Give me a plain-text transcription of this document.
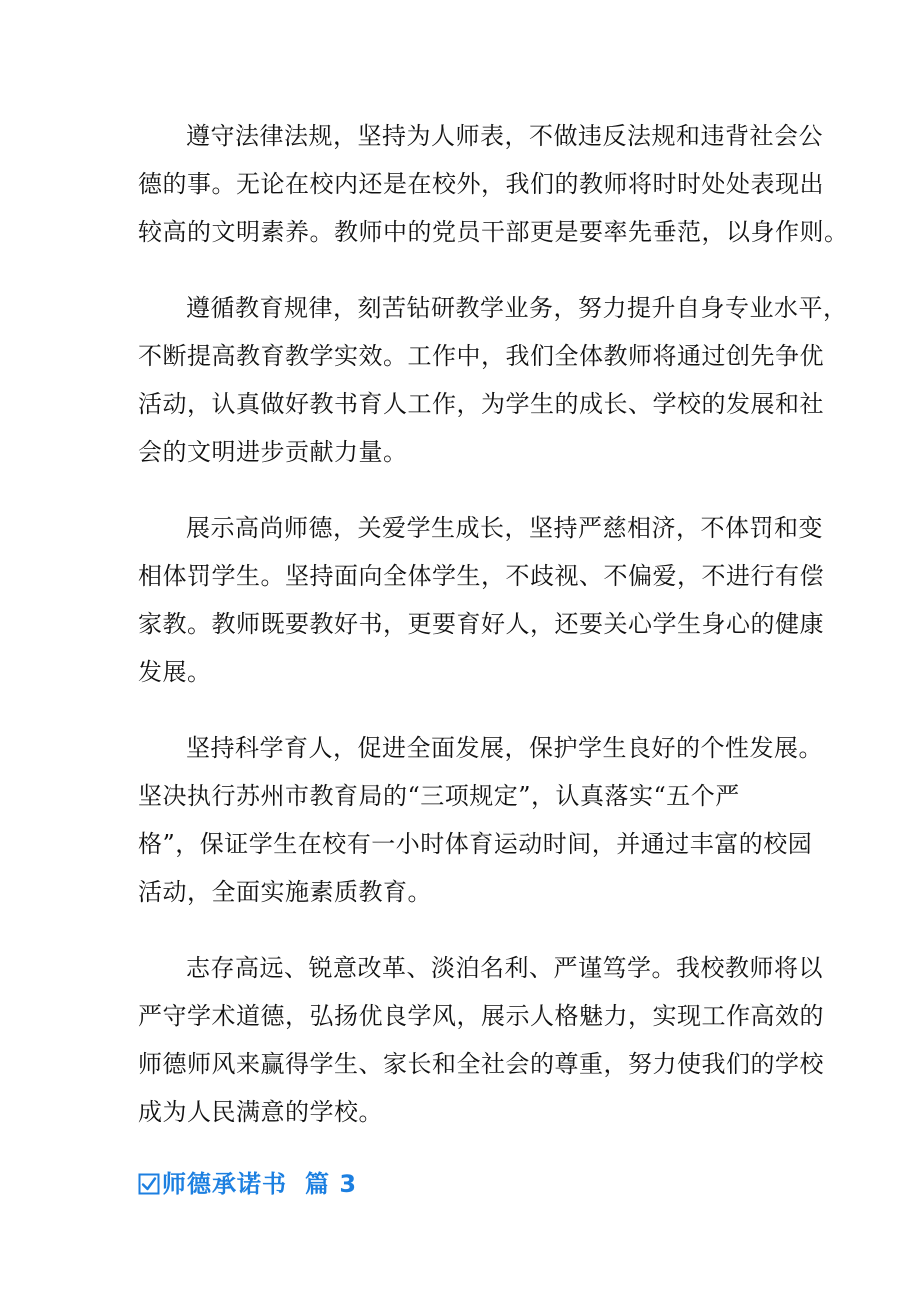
遵守法律法规，坚持为人师表，不做违反法规和违背社会公
德的事。无论在校内还是在校外，我们的教师将时时处处表现出
较高的文明素养。教师中的党员干部更是要率先垂范，以身作则。
遵循教育规律，刻苦钻研教学业务，努力提升自身专业水平，
不断提高教育教学实效。工作中，我们全体教师将通过创先争优
活动，认真做好教书育人工作，为学生的成长、学校的发展和社
会的文明进步贡献力量。
展示高尚师德，关爱学生成长，坚持严慈相济，不体罚和变
相体罚学生。坚持面向全体学生，不歧视、不偏爱，不进行有偿
家教。教师既要教好书，更要育好人，还要关心学生身心的健康
发展。
坚持科学育人，促进全面发展，保护学生良好的个性发展。
坚决执行苏州市教育局的“三项规定”，认真落实“五个严
格”，保证学生在校有一小时体育运动时间，并通过丰富的校园
活动，全面实施素质教育。
志存高远、锐意改革、淡泊名利、严谨笃学。我校教师将以
严守学术道德，弘扬优良学风，展示人格魅力，实现工作高效的
师德师风来赢得学生、家长和全社会的尊重，努力使我们的学校
成为人民满意的学校。
师德承诺书 篇 3
